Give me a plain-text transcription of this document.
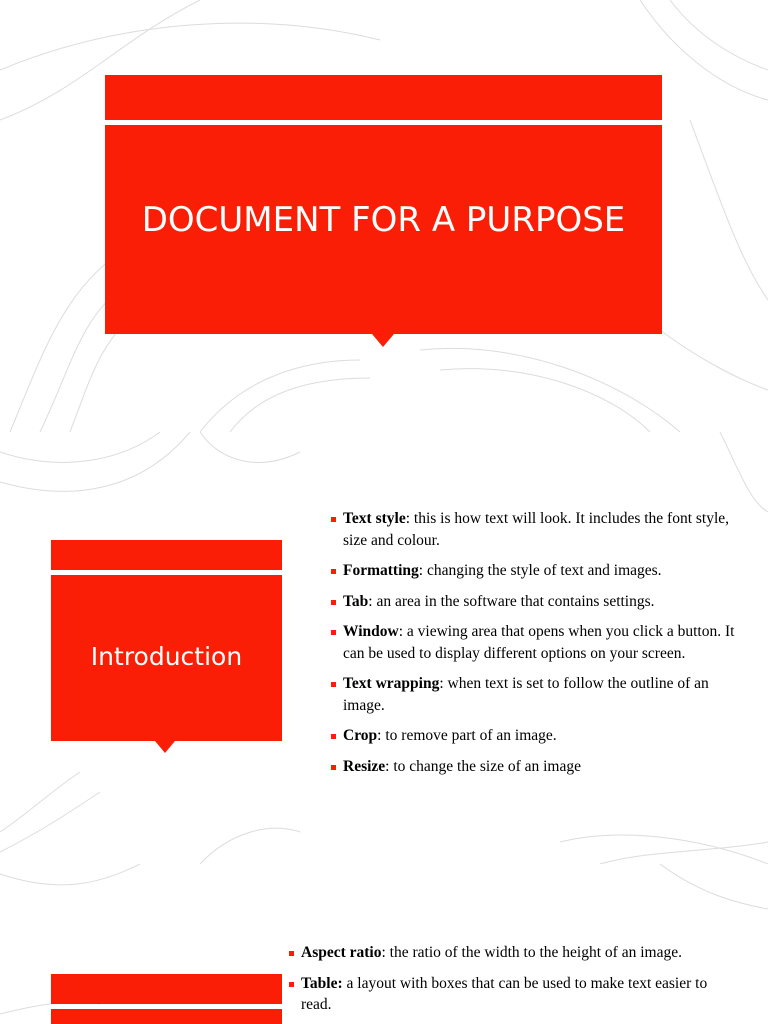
DOCUMENT FOR A PURPOSE
Introduction
Text style: this is how text will look. It includes the font style, size and colour.
Formatting: changing the style of text and images.
Tab: an area in the software that contains settings.
Window: a viewing area that opens when you click a button. It can be used to display different options on your screen.
Text wrapping: when text is set to follow the outline of an image.
Crop: to remove part of an image.
Resize: to change the size of an image
Aspect ratio: the ratio of the width to the height of an image.
Table: a layout with boxes that can be used to make text easier to read.
